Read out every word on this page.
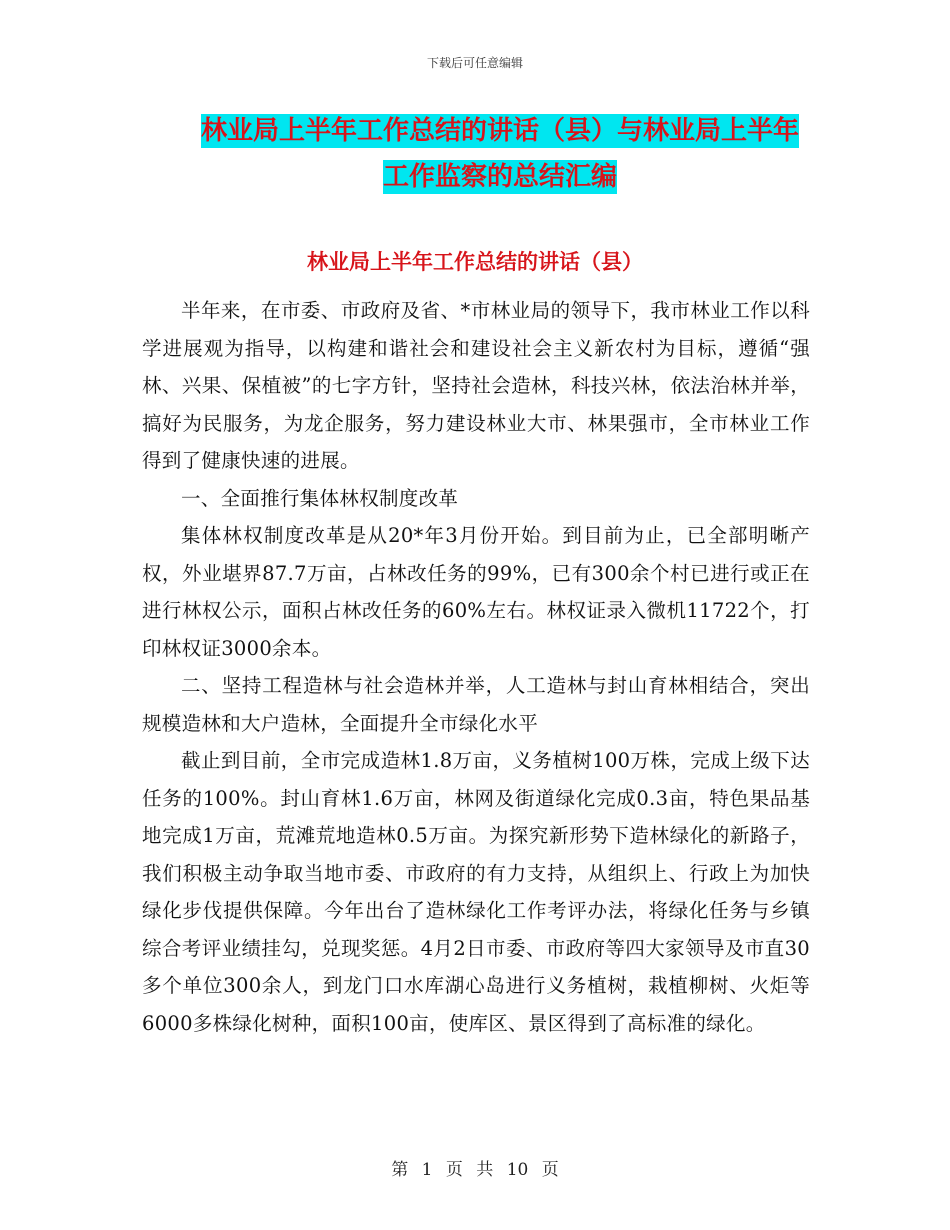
下载后可任意编辑
林业局上半年工作总结的讲话（县）与林业局上半年
工作监察的总结汇编
林业局上半年工作总结的讲话（县）

半年来，在市委、市政府及省、*市林业局的领导下，我市林业工作以科学进展观为指导，以构建和谐社会和建设社会主义新农村为目标，遵循“强林、兴果、保植被”的七字方针，坚持社会造林，科技兴林，依法治林并举，搞好为民服务，为龙企服务，努力建设林业大市、林果强市，全市林业工作得到了健康快速的进展。

一、全面推行集体林权制度改革

集体林权制度改革是从20*年3月份开始。到目前为止，已全部明晰产权，外业堪界87.7万亩，占林改任务的99%，已有300余个村已进行或正在进行林权公示，面积占林改任务的60%左右。林权证录入微机11722个，打印林权证3000余本。

二、坚持工程造林与社会造林并举，人工造林与封山育林相结合，突出规模造林和大户造林，全面提升全市绿化水平

截止到目前，全市完成造林1.8万亩，义务植树100万株，完成上级下达任务的100%。封山育林1.6万亩，林网及街道绿化完成0.3亩，特色果品基地完成1万亩，荒滩荒地造林0.5万亩。为探究新形势下造林绿化的新路子，我们积极主动争取当地市委、市政府的有力支持，从组织上、行政上为加快绿化步伐提供保障。今年出台了造林绿化工作考评办法，将绿化任务与乡镇综合考评业绩挂勾，兑现奖惩。4月2日市委、市政府等四大家领导及市直30多个单位300余人，到龙门口水库湖心岛进行义务植树，栽植柳树、火炬等6000多株绿化树种，面积100亩，使库区、景区得到了高标准的绿化。

第 1 页 共 10 页
